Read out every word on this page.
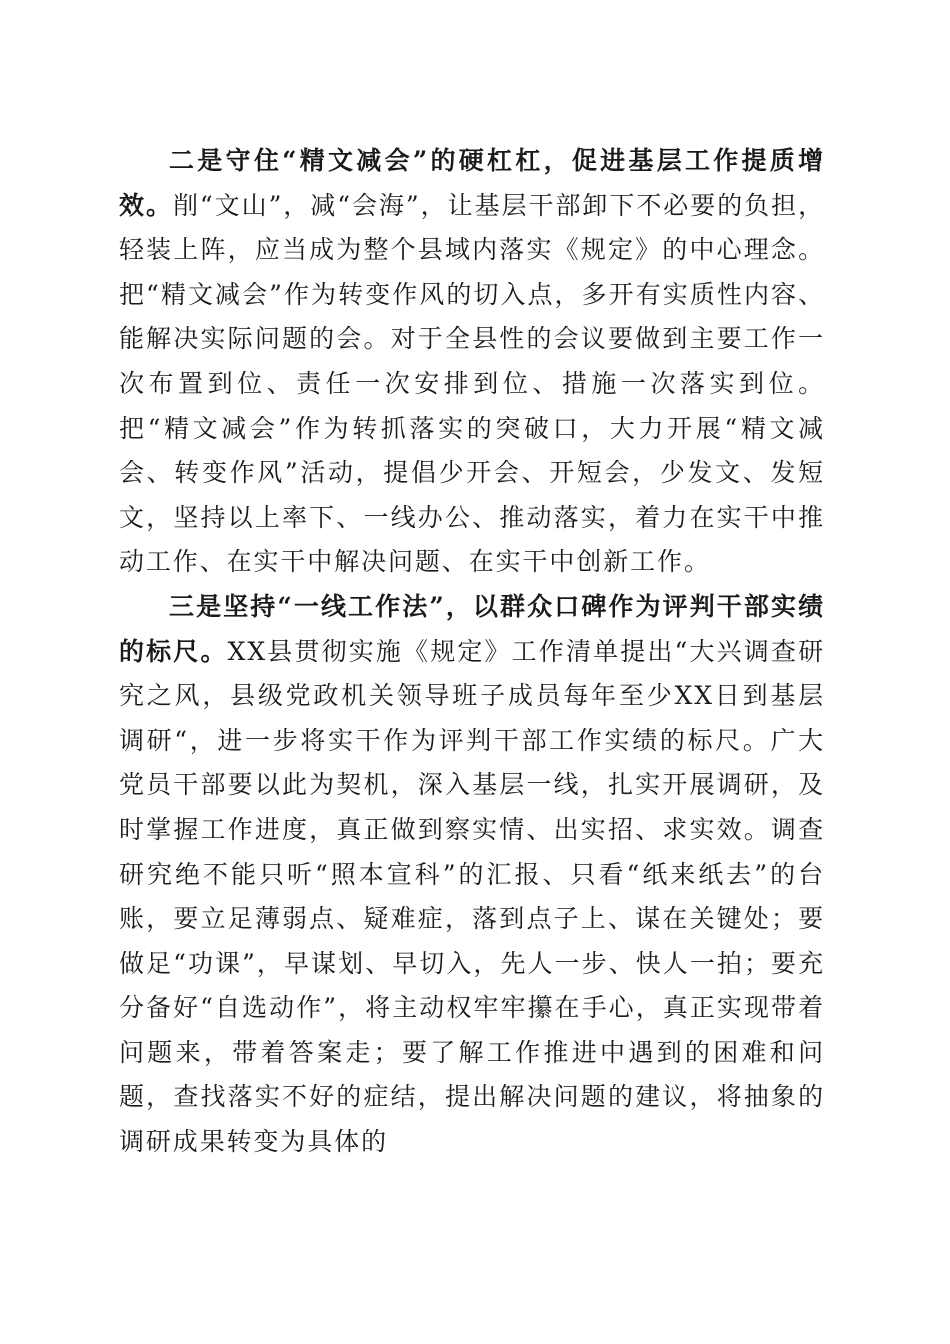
二是守住“精文减会”的硬杠杠，促进基层工作提质增效。削“文山”，减“会海”，让基层干部卸下不必要的负担，轻装上阵，应当成为整个县域内落实《规定》的中心理念。把“精文减会”作为转变作风的切入点，多开有实质性内容、能解决实际问题的会。对于全县性的会议要做到主要工作一次布置到位、责任一次安排到位、措施一次落实到位。把“精文减会”作为转抓落实的突破口，大力开展“精文减会、转变作风”活动，提倡少开会、开短会，少发文、发短文，坚持以上率下、一线办公、推动落实，着力在实干中推动工作、在实干中解决问题、在实干中创新工作。

三是坚持“一线工作法”，以群众口碑作为评判干部实绩的标尺。XX县贯彻实施《规定》工作清单提出“大兴调查研究之风，县级党政机关领导班子成员每年至少XX日到基层调研“，进一步将实干作为评判干部工作实绩的标尺。广大党员干部要以此为契机，深入基层一线，扎实开展调研，及时掌握工作进度，真正做到察实情、出实招、求实效。调查研究绝不能只听“照本宣科”的汇报、只看“纸来纸去”的台账，要立足薄弱点、疑难症，落到点子上、谋在关键处；要做足“功课”，早谋划、早切入，先人一步、快人一拍；要充分备好“自选动作”，将主动权牢牢攥在手心，真正实现带着问题来，带着答案走；要了解工作推进中遇到的困难和问题，查找落实不好的症结，提出解决问题的建议，将抽象的调研成果转变为具体的
